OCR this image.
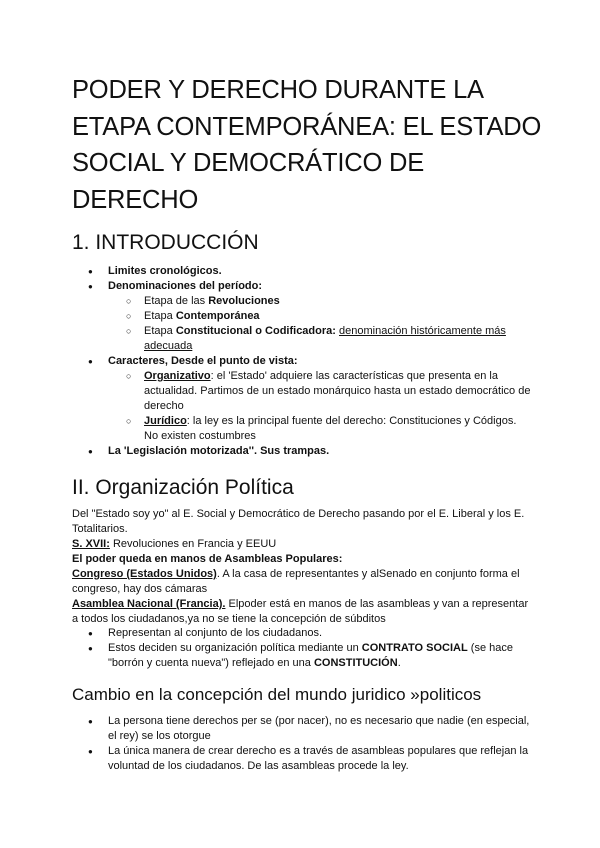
PODER Y DERECHO DURANTE LA ETAPA CONTEMPORÁNEA: EL ESTADO SOCIAL Y DEMOCRÁTICO DE DERECHO
1. INTRODUCCIÓN
● Limites cronológicos.
● Denominaciones del período:
○ Etapa de las Revoluciones
○ Etapa Contemporánea
○ Etapa Constitucional o Codificadora: denominación históricamente más adecuada
● Caracteres, Desde el punto de vista:
○ Organizativo: el 'Estado' adquiere las características que presenta en la actualidad. Partimos de un estado monárquico hasta un estado democrático de derecho
○ Jurídico: la ley es la principal fuente del derecho: Constituciones y Códigos. No existen costumbres
● La 'Legislación motorizada''. Sus trampas.
II. Organización Política

Del "Estado soy yo" al E. Social y Democrático de Derecho pasando por el E. Liberal y los E. Totalitarios.

S. XVII: Revoluciones en Francia y EEUU

El poder queda en manos de Asambleas Populares:

Congreso (Estados Unidos). A la casa de representantes y alSenado en conjunto forma el congreso, hay dos cámaras

Asamblea Nacional (Francia). Elpoder está en manos de las asambleas y van a representar a todos los ciudadanos,ya no se tiene la concepción de súbditos

● Representan al conjunto de los ciudadanos.
● Estos deciden su organización política mediante un CONTRATO SOCIAL (se hace "borrón y cuenta nueva") reflejado en una CONSTITUCIÓN.
Cambio en la concepción del mundo juridico »politicos
● La persona tiene derechos per se (por nacer), no es necesario que nadie (en especial, el rey) se los otorgue
● La única manera de crear derecho es a través de asambleas populares que reflejan la voluntad de los ciudadanos. De las asambleas procede la ley.
